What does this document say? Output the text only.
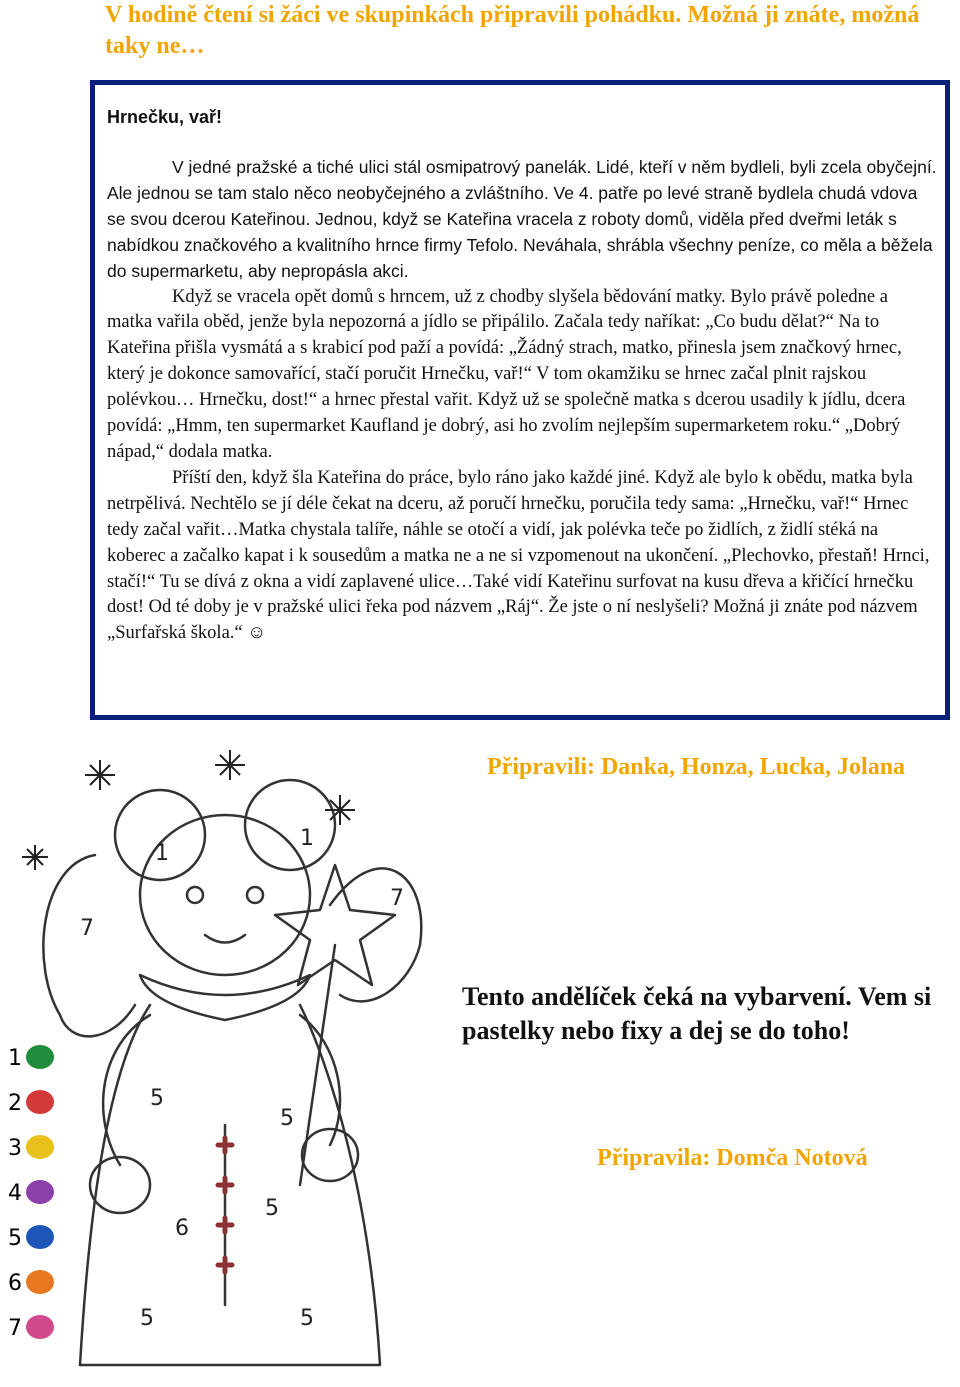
V hodině čtení si žáci ve skupinkách připravili pohádku. Možná ji znáte, možná taky ne…
Hrnečku, vař!

V jedné pražské a tiché ulici stál osmipatrový panelák. Lidé, kteří v něm bydleli, byli zcela obyčejní. Ale jednou se tam stalo něco neobyčejného a zvláštního. Ve 4. patře po levé straně bydlela chudá vdova se svou dcerou Kateřinou. Jednou, když se Kateřina vracela z roboty domů, viděla před dveřmi leták s nabídkou značkového a kvalitního hrnce firmy Tefolo. Neváhala, shrábla všechny peníze, co měla a běžela do supermarketu, aby nepropásla akci.

Když se vracela opět domů s hrncem, už z chodby slyšela bědování matky. Bylo právě poledne a matka vařila oběd, jenže byla nepozorná a jídlo se připálilo. Začala tedy naříkat: „Co budu dělat?“ Na to Kateřina přišla vysmátá a s krabicí pod paží a povídá: „Žádný strach, matko, přinesla jsem značkový hrnec, který je dokonce samovařící, stačí poručit Hrnečku, vař!“ V tom okamžiku se hrnec začal plnit rajskou polévkou… Hrnečku, dost!“ a hrnec přestal vařit. Když už se společně matka s dcerou usadily k jídlu, dcera povídá: „Hmm, ten supermarket Kaufland je dobrý, asi ho zvolím nejlepším supermarketem roku.“ „Dobrý nápad,“ dodala matka.

Příští den, když šla Kateřina do práce, bylo ráno jako každé jiné. Když ale bylo k obědu, matka byla netrpělivá. Nechtělo se jí déle čekat na dceru, až poručí hrnečku, poručila tedy sama: „Hrnečku, vař!“ Hrnec tedy začal vařit…Matka chystala talíře, náhle se otočí a vidí, jak polévka teče po židlích, z židlí stéká na koberec a začalko kapat i k sousedům a matka ne a ne si vzpomenout na ukončení. „Plechovko, přestaň! Hrnci, stačí!“ Tu se dívá z okna a vidí zaplavené ulice…Také vidí Kateřinu surfovat na kusu dřeva a křičící hrnečku dost! Od té doby je v pražské ulici řeka pod názvem „Ráj“. Že jste o ní neslyšeli? Možná ji znáte pod názvem „Surfařská škola.“ ☺

Připravili: Danka, Honza, Lucka, Jolana
7
1
1
7
5
5
6
5
5	5
1
2
3
4
5
6
7
Tento andělíček čeká na vybarvení. Vem si pastelky nebo fixy a dej se do toho!
Připravila: Domča Notová
